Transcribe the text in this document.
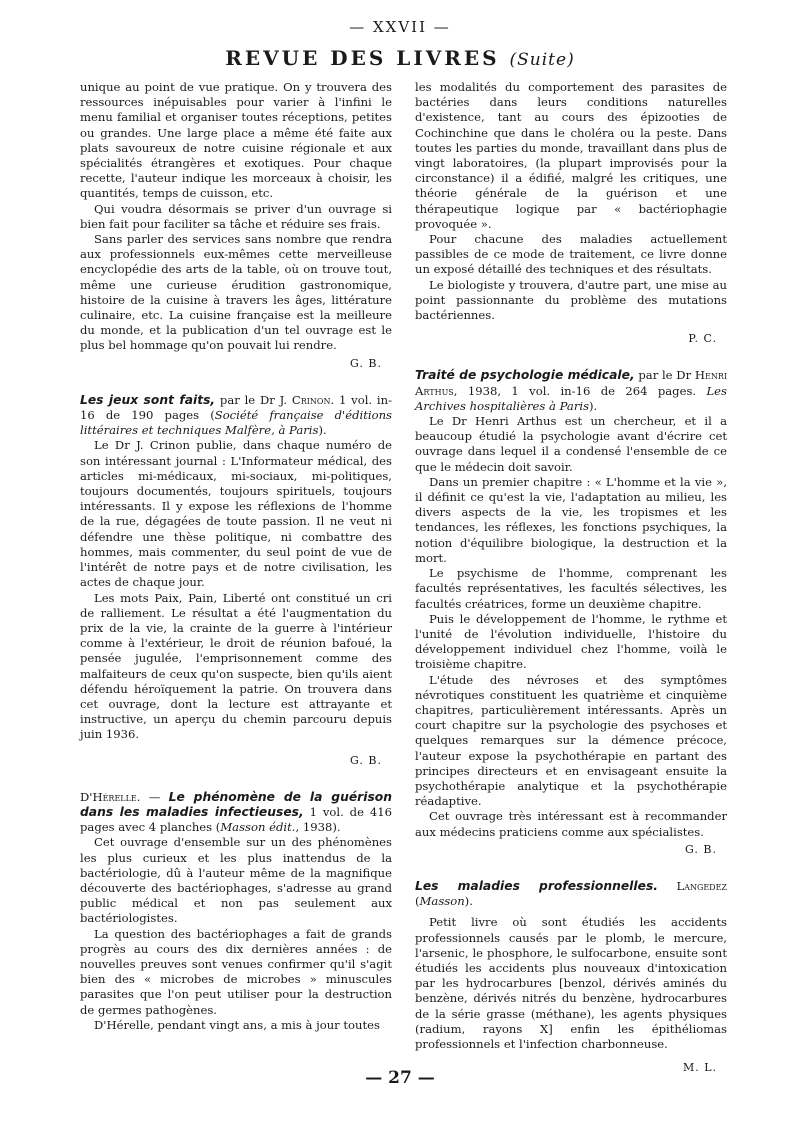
— XXVII —
REVUE DES LIVRES (Suite)

unique au point de vue pratique. On y trouvera des ressources inépuisables pour varier à l'infini le menu familial et organiser toutes réceptions, petites ou grandes. Une large place a même été faite aux plats savoureux de notre cuisine régionale et aux spécialités étrangères et exotiques. Pour chaque recette, l'auteur indique les morceaux à choisir, les quantités, temps de cuisson, etc.

Qui voudra désormais se priver d'un ouvrage si bien fait pour faciliter sa tâche et réduire ses frais.

Sans parler des services sans nombre que rendra aux professionnels eux-mêmes cette merveilleuse encyclopédie des arts de la table, où on trouve tout, même une curieuse érudition gastronomique, histoire de la cuisine à travers les âges, littérature culinaire, etc. La cuisine française est la meilleure du monde, et la publication d'un tel ouvrage est le plus bel hommage qu'on pouvait lui rendre.

G. B.

Les jeux sont faits, par le Dr J. Crinon. 1 vol. in-16 de 190 pages (Société française d'éditions littéraires et techniques Malfère, à Paris).

Le Dr J. Crinon publie, dans chaque numéro de son intéressant journal : L'Informateur médical, des articles mi-médicaux, mi-sociaux, mi-politiques, toujours documentés, toujours spirituels, toujours intéressants. Il y expose les réflexions de l'homme de la rue, dégagées de toute passion. Il ne veut ni défendre une thèse politique, ni combattre des hommes, mais commenter, du seul point de vue de l'intérêt de notre pays et de notre civilisation, les actes de chaque jour.

Les mots Paix, Pain, Liberté ont constitué un cri de ralliement. Le résultat a été l'augmentation du prix de la vie, la crainte de la guerre à l'intérieur comme à l'extérieur, le droit de réunion bafoué, la pensée jugulée, l'emprisonnement comme des malfaiteurs de ceux qu'on suspecte, bien qu'ils aient défendu héroïquement la patrie. On trouvera dans cet ouvrage, dont la lecture est attrayante et instructive, un aperçu du chemin parcouru depuis juin 1936.

G. B.

D'Hérelle. — Le phénomène de la guérison dans les maladies infectieuses, 1 vol. de 416 pages avec 4 planches (Masson édit., 1938).

Cet ouvrage d'ensemble sur un des phénomènes les plus curieux et les plus inattendus de la bactériologie, dû à l'auteur même de la magnifique découverte des bactériophages, s'adresse au grand public médical et non pas seulement aux bactériologistes.

La question des bactériophages a fait de grands progrès au cours des dix dernières années : de nouvelles preuves sont venues confirmer qu'il s'agit bien des « microbes de microbes » minuscules parasites que l'on peut utiliser pour la destruction de germes pathogènes.

D'Hérelle, pendant vingt ans, a mis à jour toutes

les modalités du comportement des parasites de bactéries dans leurs conditions naturelles d'existence, tant au cours des épizooties de Cochinchine que dans le choléra ou la peste. Dans toutes les parties du monde, travaillant dans plus de vingt laboratoires, (la plupart improvisés pour la circonstance) il a édifié, malgré les critiques, une théorie générale de la guérison et une thérapeutique logique par « bactériophagie provoquée ».

Pour chacune des maladies actuellement passibles de ce mode de traitement, ce livre donne un exposé détaillé des techniques et des résultats.

Le biologiste y trouvera, d'autre part, une mise au point passionnante du problème des mutations bactériennes.

P. C.

Traité de psychologie médicale, par le Dr Henri Arthus, 1938, 1 vol. in-16 de 264 pages. Les Archives hospitalières à Paris).

Le Dr Henri Arthus est un chercheur, et il a beaucoup étudié la psychologie avant d'écrire cet ouvrage dans lequel il a condensé l'ensemble de ce que le médecin doit savoir.

Dans un premier chapitre : « L'homme et la vie », il définit ce qu'est la vie, l'adaptation au milieu, les divers aspects de la vie, les tropismes et les tendances, les réflexes, les fonctions psychiques, la notion d'équilibre biologique, la destruction et la mort.

Le psychisme de l'homme, comprenant les facultés représentatives, les facultés sélectives, les facultés créatrices, forme un deuxième chapitre.

Puis le développement de l'homme, le rythme et l'unité de l'évolution individuelle, l'histoire du développement individuel chez l'homme, voilà le troisième chapitre.

L'étude des névroses et des symptômes névrotiques constituent les quatrième et cinquième chapitres, particulièrement intéressants. Après un court chapitre sur la psychologie des psychoses et quelques remarques sur la démence précoce, l'auteur expose la psychothérapie en partant des principes directeurs et en envisageant ensuite la psychothérapie analytique et la psychothérapie réadaptive.

Cet ouvrage très intéressant est à recommander aux médecins praticiens comme aux spécialistes.

G. B.

Les maladies professionnelles. Langedez (Masson).

Petit livre où sont étudiés les accidents professionnels causés par le plomb, le mercure, l'arsenic, le phosphore, le sulfocarbone, ensuite sont étudiés les accidents plus nouveaux d'intoxication par les hydrocarbures [benzol, dérivés aminés du benzène, dérivés nitrés du benzène, hydrocarbures de la série grasse (méthane), les agents physiques (radium, rayons X] enfin les épithéliomas professionnels et l'infection charbonneuse.

M. L.
— 27 —
